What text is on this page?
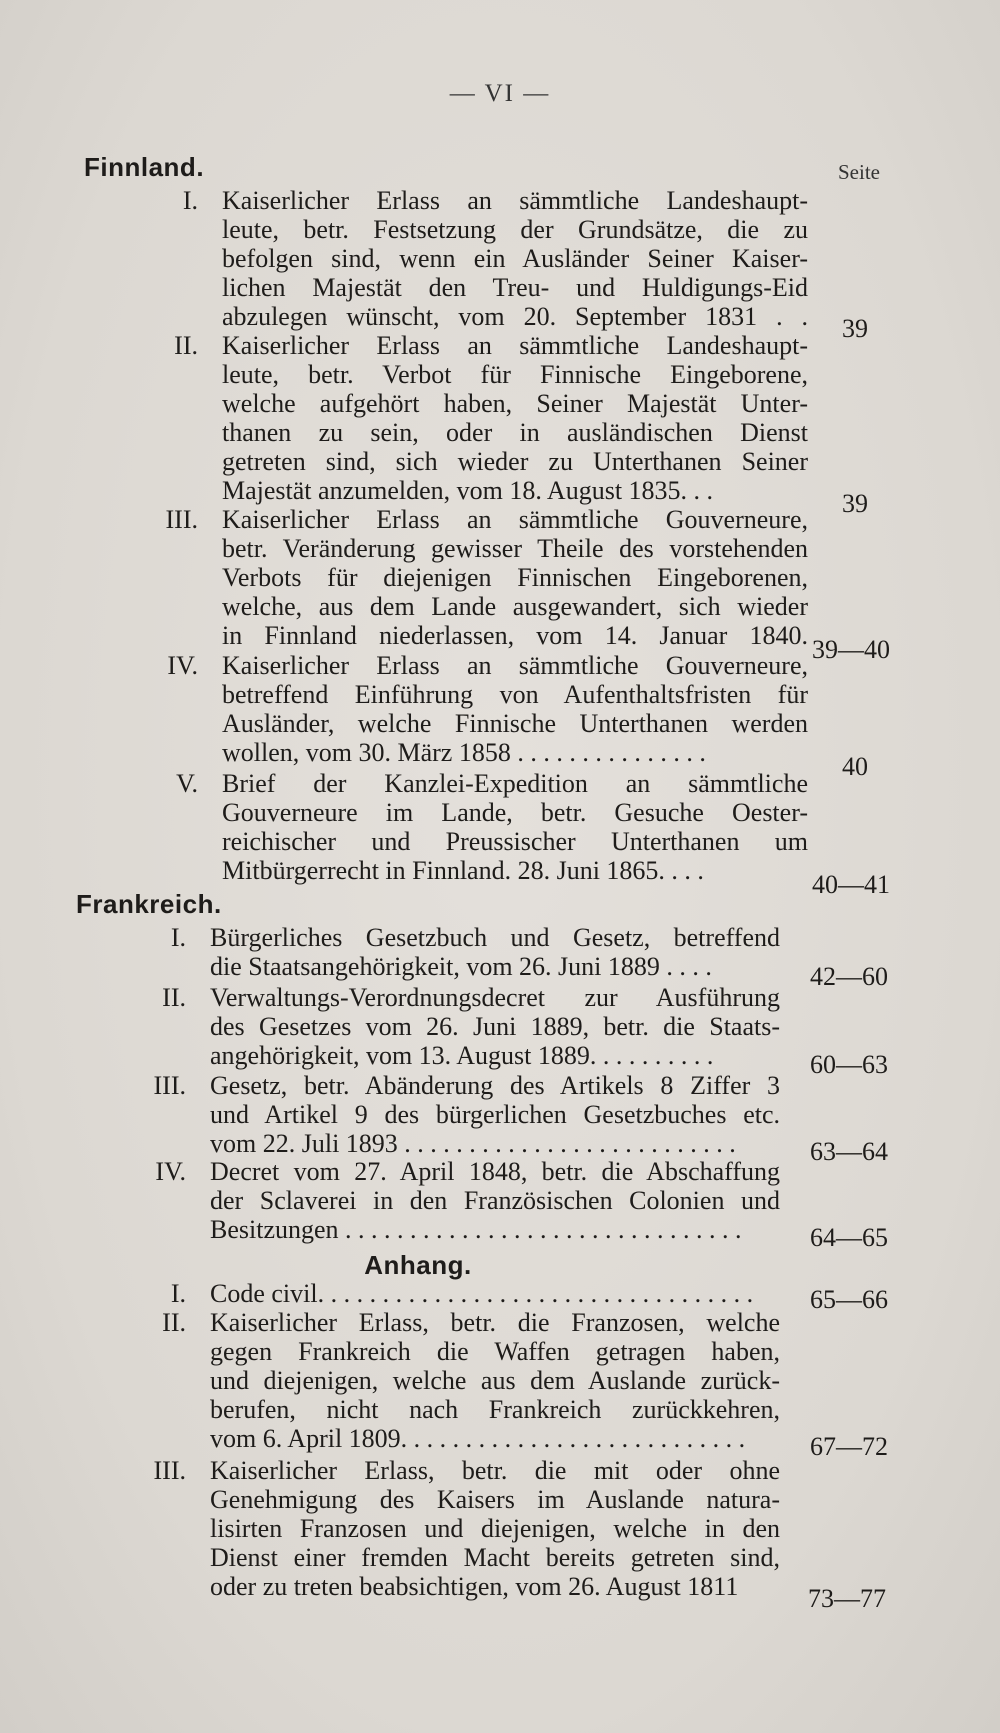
— VI —
Seite
Finnland.
I. Kaiserlicher Erlass an sämmtliche Landeshaupt-
leute, betr. Festsetzung der Grundsätze, die zu
befolgen sind, wenn ein Ausländer Seiner Kaiser-
lichen Majestät den Treu- und Huldigungs-Eid
abzulegen wünscht, vom 20. September 1831 . . 39
II. Kaiserlicher Erlass an sämmtliche Landeshaupt-
leute, betr. Verbot für Finnische Eingeborene,
welche aufgehört haben, Seiner Majestät Unter-
thanen zu sein, oder in ausländischen Dienst
getreten sind, sich wieder zu Unterthanen Seiner
Majestät anzumelden, vom 18. August 1835. . .	39
III. Kaiserlicher Erlass an sämmtliche Gouverneure,
betr. Veränderung gewisser Theile des vorstehenden
Verbots für diejenigen Finnischen Eingeborenen,
welche, aus dem Lande ausgewandert, sich wieder
in Finnland niederlassen, vom 14. Januar 1840. 39—40
IV. Kaiserlicher Erlass an sämmtliche Gouverneure,
betreffend Einführung von Aufenthaltsfristen für
Ausländer, welche Finnische Unterthanen werden
wollen, vom 30. März 1858 . . . . . . . . . . . . . . .	40
V. Brief der Kanzlei-Expedition an sämmtliche
Gouverneure im Lande, betr. Gesuche Oester-
reichischer und Preussischer Unterthanen um
Mitbürgerrecht in Finnland. 28. Juni 1865. . . .	40—41
Frankreich.
I. Bürgerliches Gesetzbuch und Gesetz, betreffend
die Staatsangehörigkeit, vom 26. Juni 1889 . . . .	42—60
II. Verwaltungs-Verordnungsdecret zur Ausführung
des Gesetzes vom 26. Juni 1889, betr. die Staats-
angehörigkeit, vom 13. August 1889. . . . . . . . . .	60—63
III. Gesetz, betr. Abänderung des Artikels 8 Ziffer 3
und Artikel 9 des bürgerlichen Gesetzbuches etc.
vom 22. Juli 1893 . . . . . . . . . . . . . . . . . . . . . . . . . .	63—64
IV. Decret vom 27. April 1848, betr. die Abschaffung
der Sclaverei in den Französischen Colonien und
Besitzungen . . . . . . . . . . . . . . . . . . . . . . . . . . . . . . .	64—65
Anhang.
I. Code civil. . . . . . . . . . . . . . . . . . . . . . . . . . . . . . . . . .	65—66
II. Kaiserlicher Erlass, betr. die Franzosen, welche
gegen Frankreich die Waffen getragen haben,
und diejenigen, welche aus dem Auslande zurück-
berufen, nicht nach Frankreich zurückkehren,
vom 6. April 1809. . . . . . . . . . . . . . . . . . . . . . . . . . .	67—72
III. Kaiserlicher Erlass, betr. die mit oder ohne
Genehmigung des Kaisers im Auslande natura-
lisirten Franzosen und diejenigen, welche in den
Dienst einer fremden Macht bereits getreten sind,
oder zu treten beabsichtigen, vom 26. August 1811	73—77
